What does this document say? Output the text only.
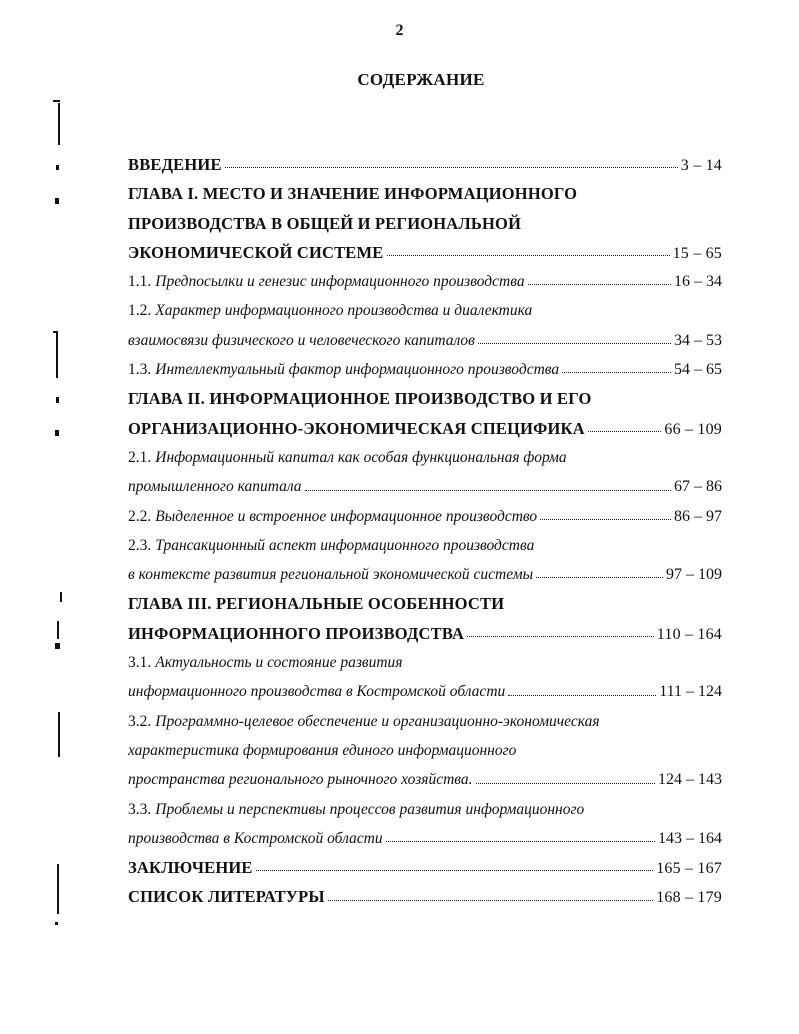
2
СОДЕРЖАНИЕ
ВВЕДЕНИЕ	3 – 14
ГЛАВА I. МЕСТО И ЗНАЧЕНИЕ ИНФОРМАЦИОННОГО
ПРОИЗВОДСТВА В ОБЩЕЙ И РЕГИОНАЛЬНОЙ
ЭКОНОМИЧЕСКОЙ СИСТЕМЕ	15 – 65
1.1. Предпосылки и генезис информационного производства	16 – 34
1.2. Характер информационного производства и диалектика
взаимосвязи физического и человеческого капиталов	34 – 53
1.3. Интеллектуальный фактор информационного производства	54 – 65
ГЛАВА II. ИНФОРМАЦИОННОЕ ПРОИЗВОДСТВО И ЕГО
ОРГАНИЗАЦИОННО-ЭКОНОМИЧЕСКАЯ СПЕЦИФИКА	66 – 109
2.1. Информационный капитал как особая функциональная форма
промышленного капитала	67 – 86
2.2. Выделенное и встроенное информационное производство	86 – 97
2.3. Трансакционный аспект информационного производства
в контексте развития региональной экономической системы	97 – 109
ГЛАВА III. РЕГИОНАЛЬНЫЕ ОСОБЕННОСТИ
ИНФОРМАЦИОННОГО ПРОИЗВОДСТВА	110 – 164
3.1. Актуальность и состояние развития
информационного производства в Костромской области	111 – 124
3.2. Программно-целевое обеспечение и организационно-экономическая
характеристика формирования единого информационного
пространства регионального рыночного хозяйства.	124 – 143
3.3. Проблемы и перспективы процессов развития информационного
производства в Костромской области	143 – 164
ЗАКЛЮЧЕНИЕ	165 – 167
СПИСОК ЛИТЕРАТУРЫ	168 – 179
